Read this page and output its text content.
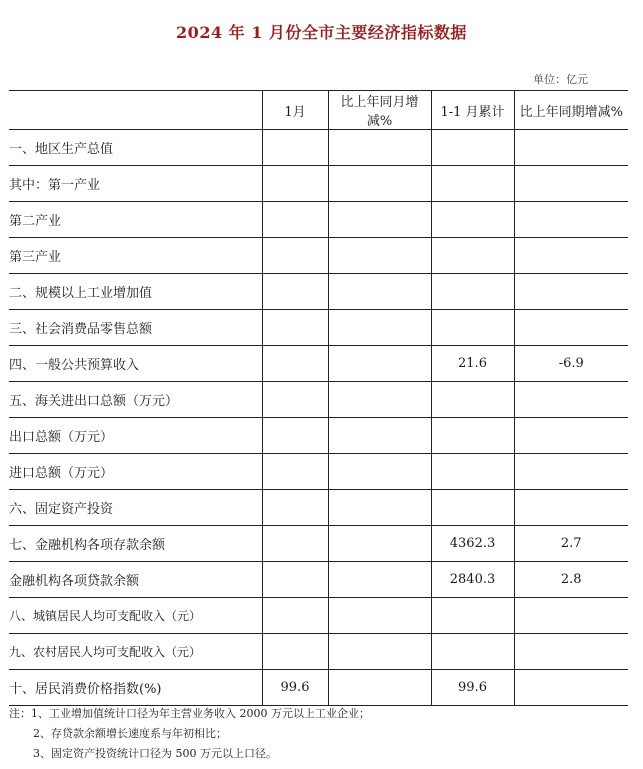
2024 年 1 月份全市主要经济指标数据
单位：亿元
	1月	比上年同月增减%	1-1 月累计	比上年同期增减%
一、地区生产总值				
其中：第一产业				
第二产业				
第三产业				
二、规模以上工业增加值				
三、社会消费品零售总额				
四、一般公共预算收入			21.6	-6.9
五、海关进出口总额（万元）				
出口总额（万元）				
进口总额（万元）				
六、固定资产投资				
七、金融机构各项存款余额			4362.3	2.7
金融机构各项贷款余额			2840.3	2.8
八、城镇居民人均可支配收入（元）				
九、农村居民人均可支配收入（元）				
十、居民消费价格指数(%)	99.6		99.6	
注：1、工业增加值统计口径为年主营业务收入 2000 万元以上工业企业；
2、存贷款余额增长速度系与年初相比；
3、固定资产投资统计口径为 500 万元以上口径。
